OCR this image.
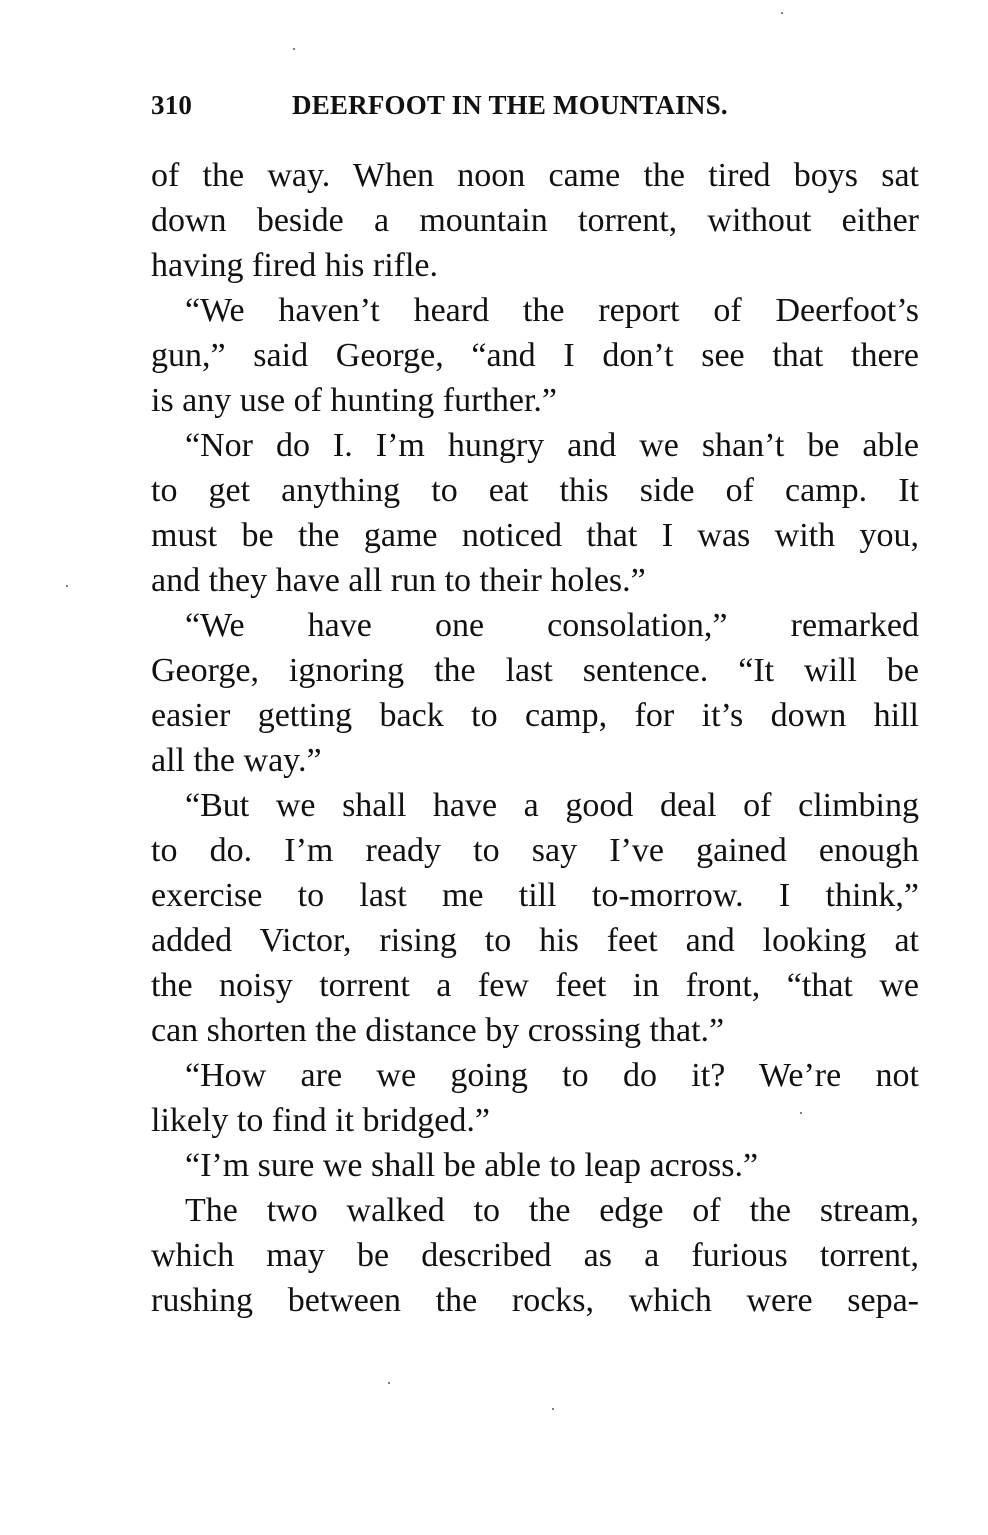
310	DEERFOOT IN THE MOUNTAINS.
of the way. When noon came the tired boys sat
down beside a mountain torrent, without either
having fired his rifle.
“We haven’t heard the report of Deerfoot’s
gun,” said George, “and I don’t see that there
is any use of hunting further.”
“Nor do I. I’m hungry and we shan’t be able
to get anything to eat this side of camp. It
must be the game noticed that I was with you,
and they have all run to their holes.”
“We have one consolation,” remarked
George, ignoring the last sentence. “It will be
easier getting back to camp, for it’s down hill
all the way.”
“But we shall have a good deal of climbing
to do. I’m ready to say I’ve gained enough
exercise to last me till to-morrow. I think,”
added Victor, rising to his feet and looking at
the noisy torrent a few feet in front, “that we
can shorten the distance by crossing that.”
“How are we going to do it? We’re not
likely to find it bridged.”
“I’m sure we shall be able to leap across.”
The two walked to the edge of the stream,
which may be described as a furious torrent,
rushing between the rocks, which were sepa-
